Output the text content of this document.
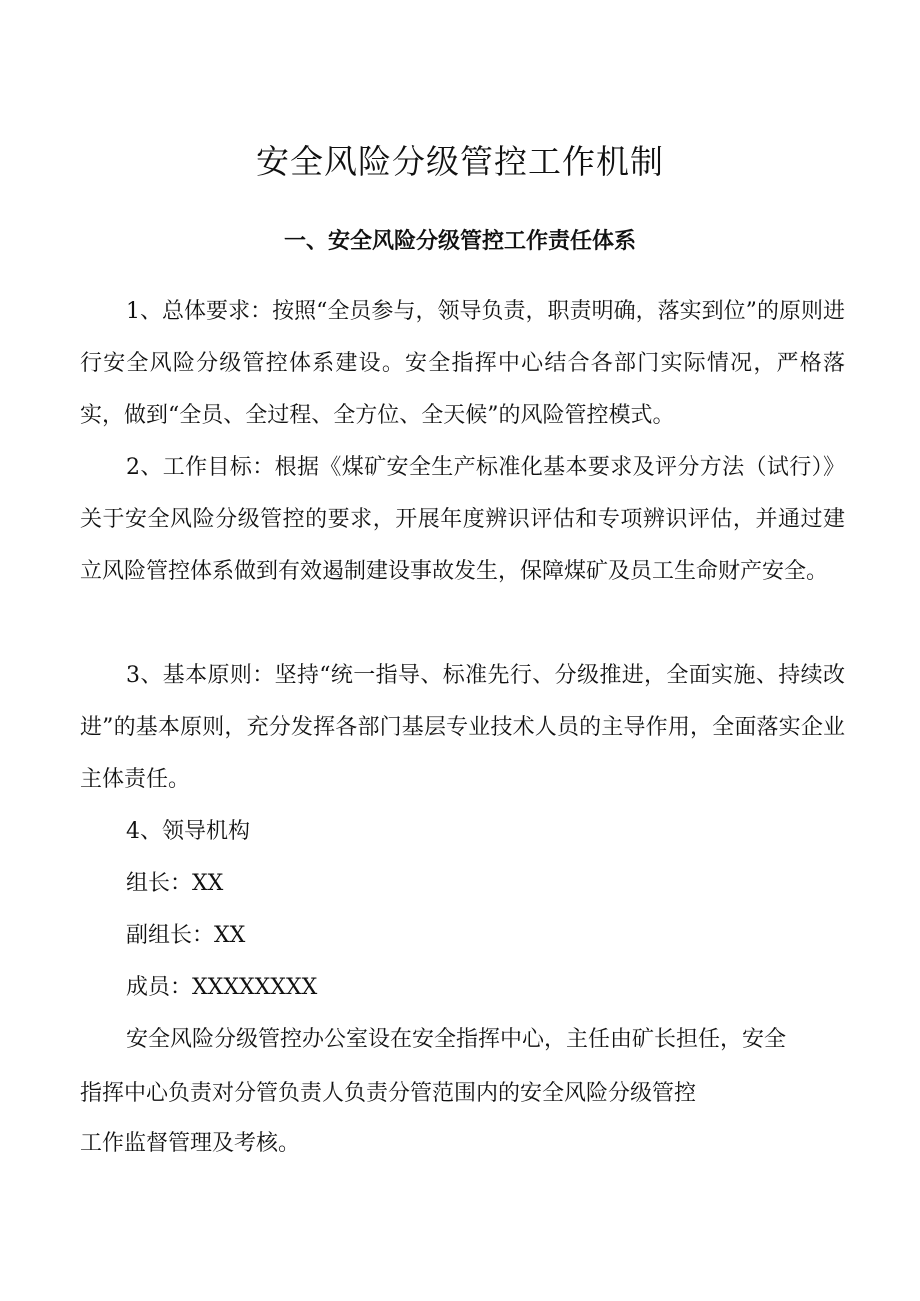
安全风险分级管控工作机制
一、安全风险分级管控工作责任体系

1、总体要求：按照“全员参与，领导负责，职责明确，落实到位”的原则进行安全风险分级管控体系建设。安全指挥中心结合各部门实际情况，严格落实，做到“全员、全过程、全方位、全天候”的风险管控模式。

2、工作目标：根据《煤矿安全生产标准化基本要求及评分方法（试行）》关于安全风险分级管控的要求，开展年度辨识评估和专项辨识评估，并通过建立风险管控体系做到有效遏制建设事故发生，保障煤矿及员工生命财产安全。

3、基本原则：坚持“统一指导、标准先行、分级推进，全面实施、持续改进”的基本原则，充分发挥各部门基层专业技术人员的主导作用，全面落实企业主体责任。

4、领导机构

组长：XX

副组长：XX

成员：XXXXXXXX

安全风险分级管控办公室设在安全指挥中心，主任由矿长担任，安全

指挥中心负责对分管负责人负责分管范围内的安全风险分级管控

工作监督管理及考核。
